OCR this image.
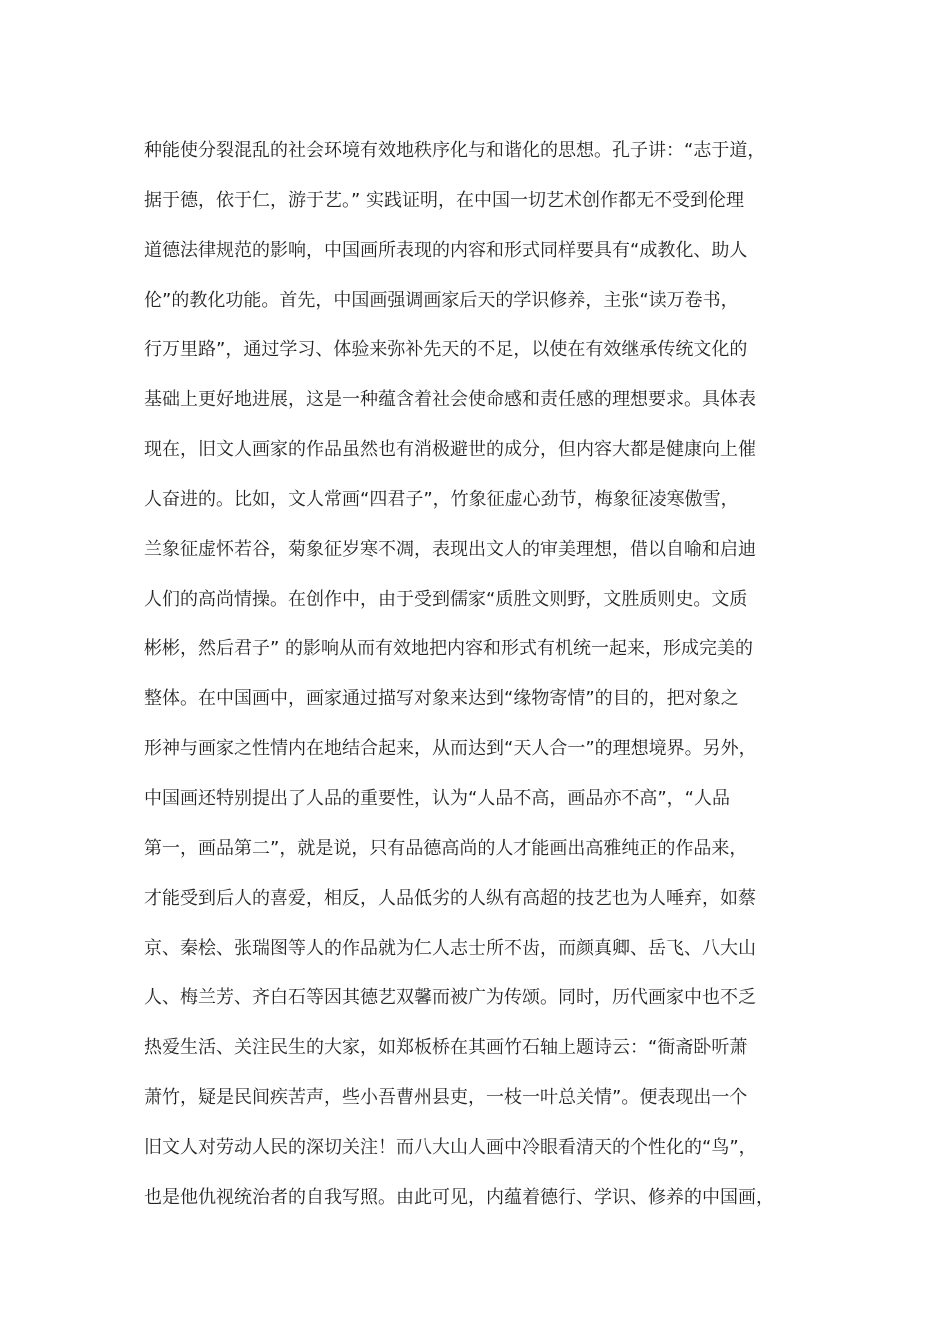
种能使分裂混乱的社会环境有效地秩序化与和谐化的思想。孔子讲：“志于道，
据于德，依于仁，游于艺。” 实践证明，在中国一切艺术创作都无不受到伦理
道德法律规范的影响，中国画所表现的内容和形式同样要具有“成教化、助人
伦”的教化功能。首先，中国画强调画家后天的学识修养，主张“读万卷书，
行万里路”，通过学习、体验来弥补先天的不足，以使在有效继承传统文化的
基础上更好地进展，这是一种蕴含着社会使命感和责任感的理想要求。具体表
现在，旧文人画家的作品虽然也有消极避世的成分，但内容大都是健康向上催
人奋进的。比如，文人常画“四君子”，竹象征虚心劲节，梅象征凌寒傲雪，
兰象征虚怀若谷，菊象征岁寒不凋，表现出文人的审美理想，借以自喻和启迪
人们的高尚情操。在创作中，由于受到儒家“质胜文则野，文胜质则史。文质
彬彬，然后君子” 的影响从而有效地把内容和形式有机统一起来，形成完美的
整体。在中国画中，画家通过描写对象来达到“缘物寄情”的目的，把对象之
形神与画家之性情内在地结合起来，从而达到“天人合一”的理想境界。另外，
中国画还特别提出了人品的重要性，认为“人品不高，画品亦不高”，“人品
第一，画品第二”，就是说，只有品德高尚的人才能画出高雅纯正的作品来，
才能受到后人的喜爱，相反，人品低劣的人纵有高超的技艺也为人唾弃，如蔡
京、秦桧、张瑞图等人的作品就为仁人志士所不齿，而颜真卿、岳飞、八大山
人、梅兰芳、齐白石等因其德艺双馨而被广为传颂。同时，历代画家中也不乏
热爱生活、关注民生的大家，如郑板桥在其画竹石轴上题诗云：“衙斋卧听萧
萧竹，疑是民间疾苦声，些小吾曹州县吏，一枝一叶总关情”。便表现出一个
旧文人对劳动人民的深切关注！而八大山人画中冷眼看清天的个性化的“鸟”，
也是他仇视统治者的自我写照。由此可见，内蕴着德行、学识、修养的中国画，
